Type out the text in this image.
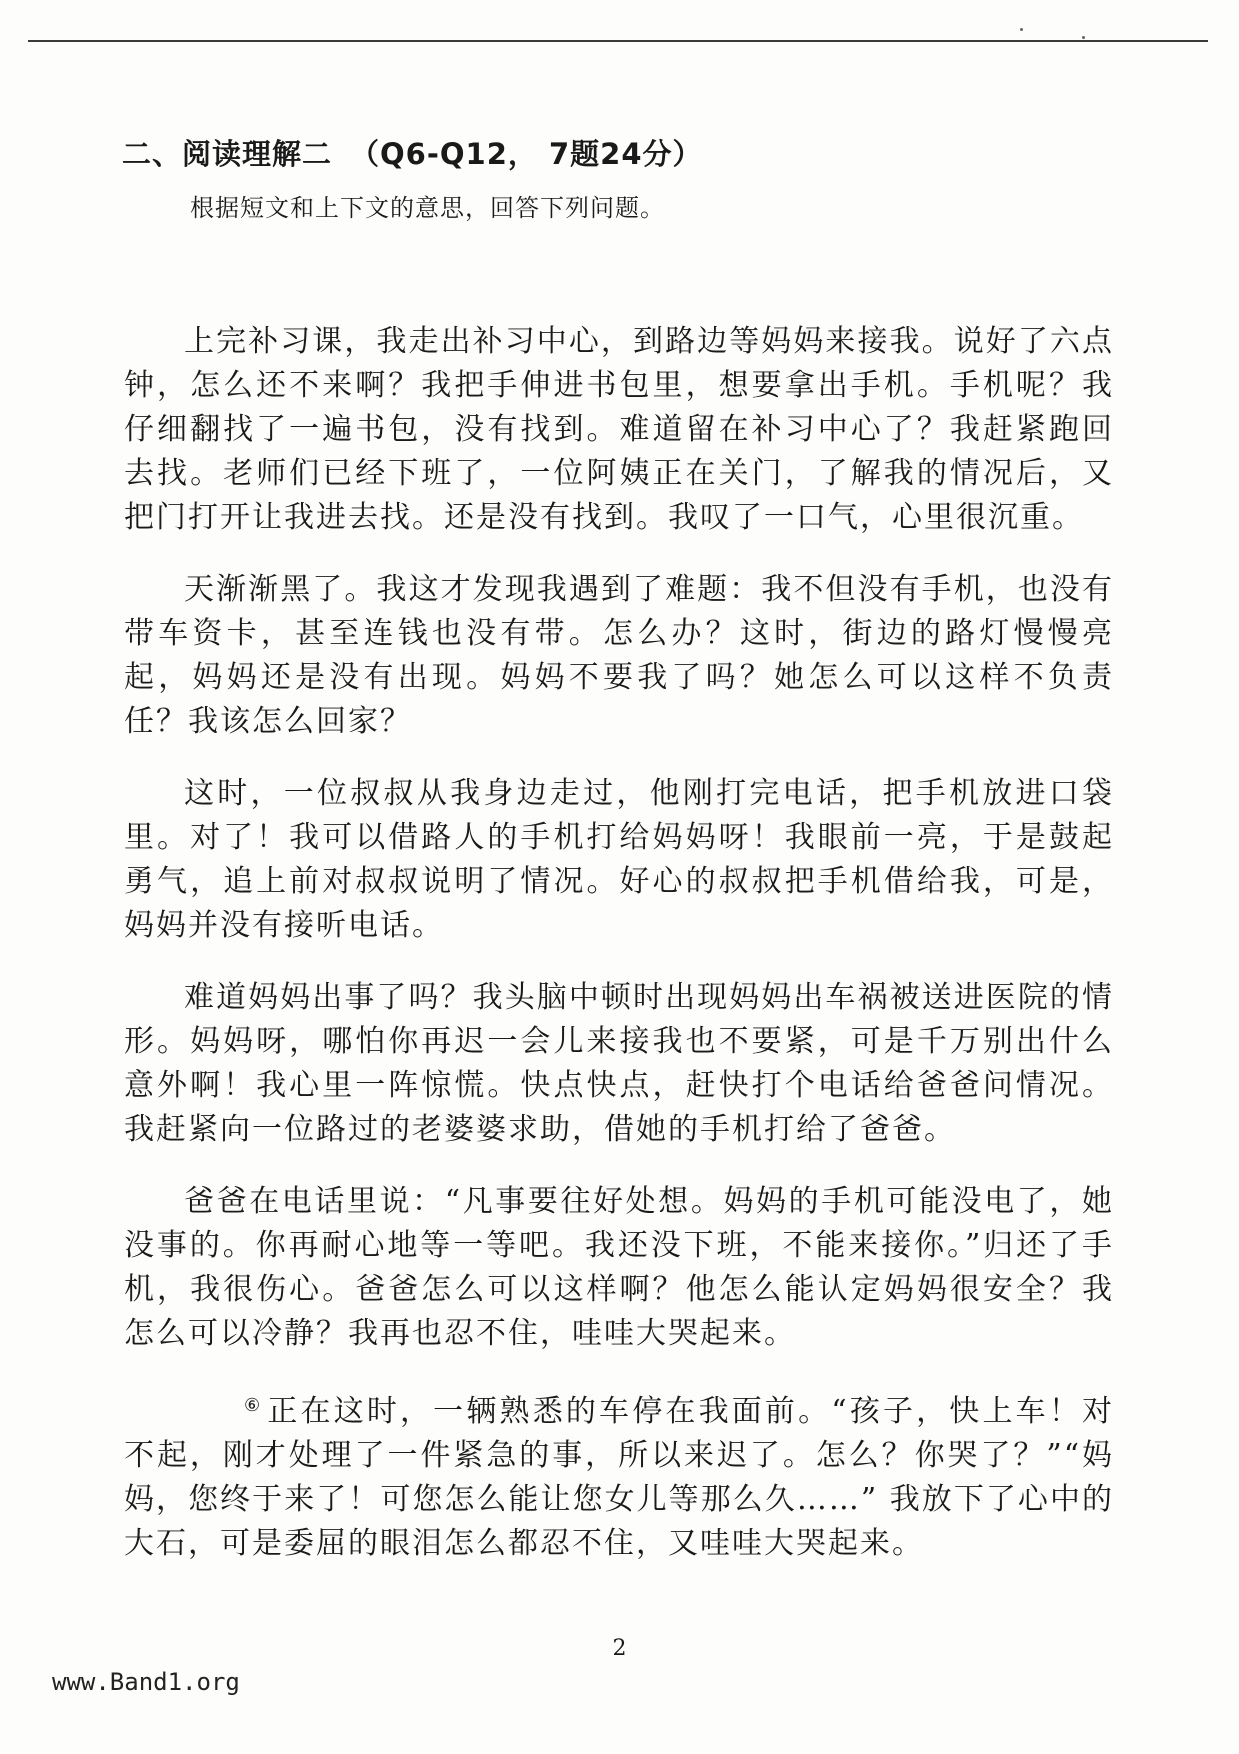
二、阅读理解二 （Q6-Q12， 7题24分）
根据短文和上下文的意思，回答下列问题。

上完补习课，我走出补习中心，到路边等妈妈来接我。说好了六点钟，怎么还不来啊？我把手伸进书包里，想要拿出手机。手机呢？我仔细翻找了一遍书包，没有找到。难道留在补习中心了？我赶紧跑回去找。老师们已经下班了，一位阿姨正在关门，了解我的情况后，又把门打开让我进去找。还是没有找到。我叹了一口气，心里很沉重。

天渐渐黑了。我这才发现我遇到了难题：我不但没有手机，也没有带车资卡，甚至连钱也没有带。怎么办？这时，街边的路灯慢慢亮起，妈妈还是没有出现。妈妈不要我了吗？她怎么可以这样不负责任？我该怎么回家？

这时，一位叔叔从我身边走过，他刚打完电话，把手机放进口袋里。对了！我可以借路人的手机打给妈妈呀！我眼前一亮，于是鼓起勇气，追上前对叔叔说明了情况。好心的叔叔把手机借给我，可是，妈妈并没有接听电话。

难道妈妈出事了吗？我头脑中顿时出现妈妈出车祸被送进医院的情形。妈妈呀，哪怕你再迟一会儿来接我也不要紧，可是千万别出什么意外啊！我心里一阵惊慌。快点快点，赶快打个电话给爸爸问情况。我赶紧向一位路过的老婆婆求助，借她的手机打给了爸爸。

爸爸在电话里说：“凡事要往好处想。妈妈的手机可能没电了，她没事的。你再耐心地等一等吧。我还没下班，不能来接你。”归还了手机，我很伤心。爸爸怎么可以这样啊？他怎么能认定妈妈很安全？我怎么可以冷静？我再也忍不住，哇哇大哭起来。

⑥ 正在这时，一辆熟悉的车停在我面前。“孩子，快上车！对不起，刚才处理了一件紧急的事，所以来迟了。怎么？你哭了？”“妈妈，您终于来了！可您怎么能让您女儿等那么久……” 我放下了心中的大石，可是委屈的眼泪怎么都忍不住，又哇哇大哭起来。

2
www.Band1.org
